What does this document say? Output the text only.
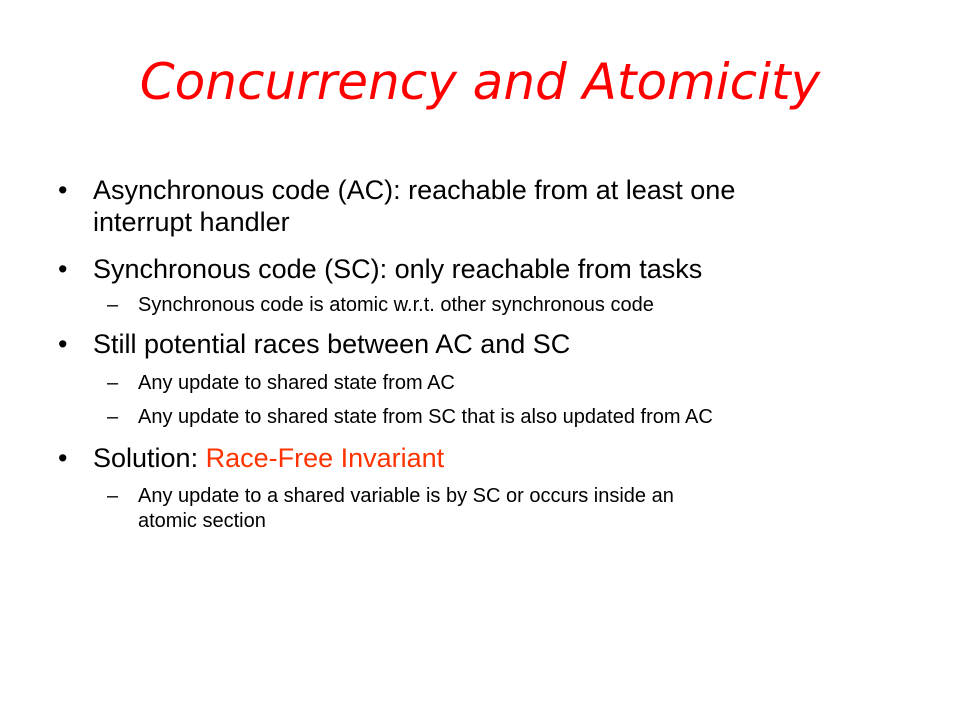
Concurrency and Atomicity
• Asynchronous code (AC): reachable from at least one
interrupt handler
• Synchronous code (SC): only reachable from tasks
– Synchronous code is atomic w.r.t. other synchronous code
• Still potential races between AC and SC
– Any update to shared state from AC
– Any update to shared state from SC that is also updated from AC
• Solution: Race-Free Invariant
– Any update to a shared variable is by SC or occurs inside an
atomic section
